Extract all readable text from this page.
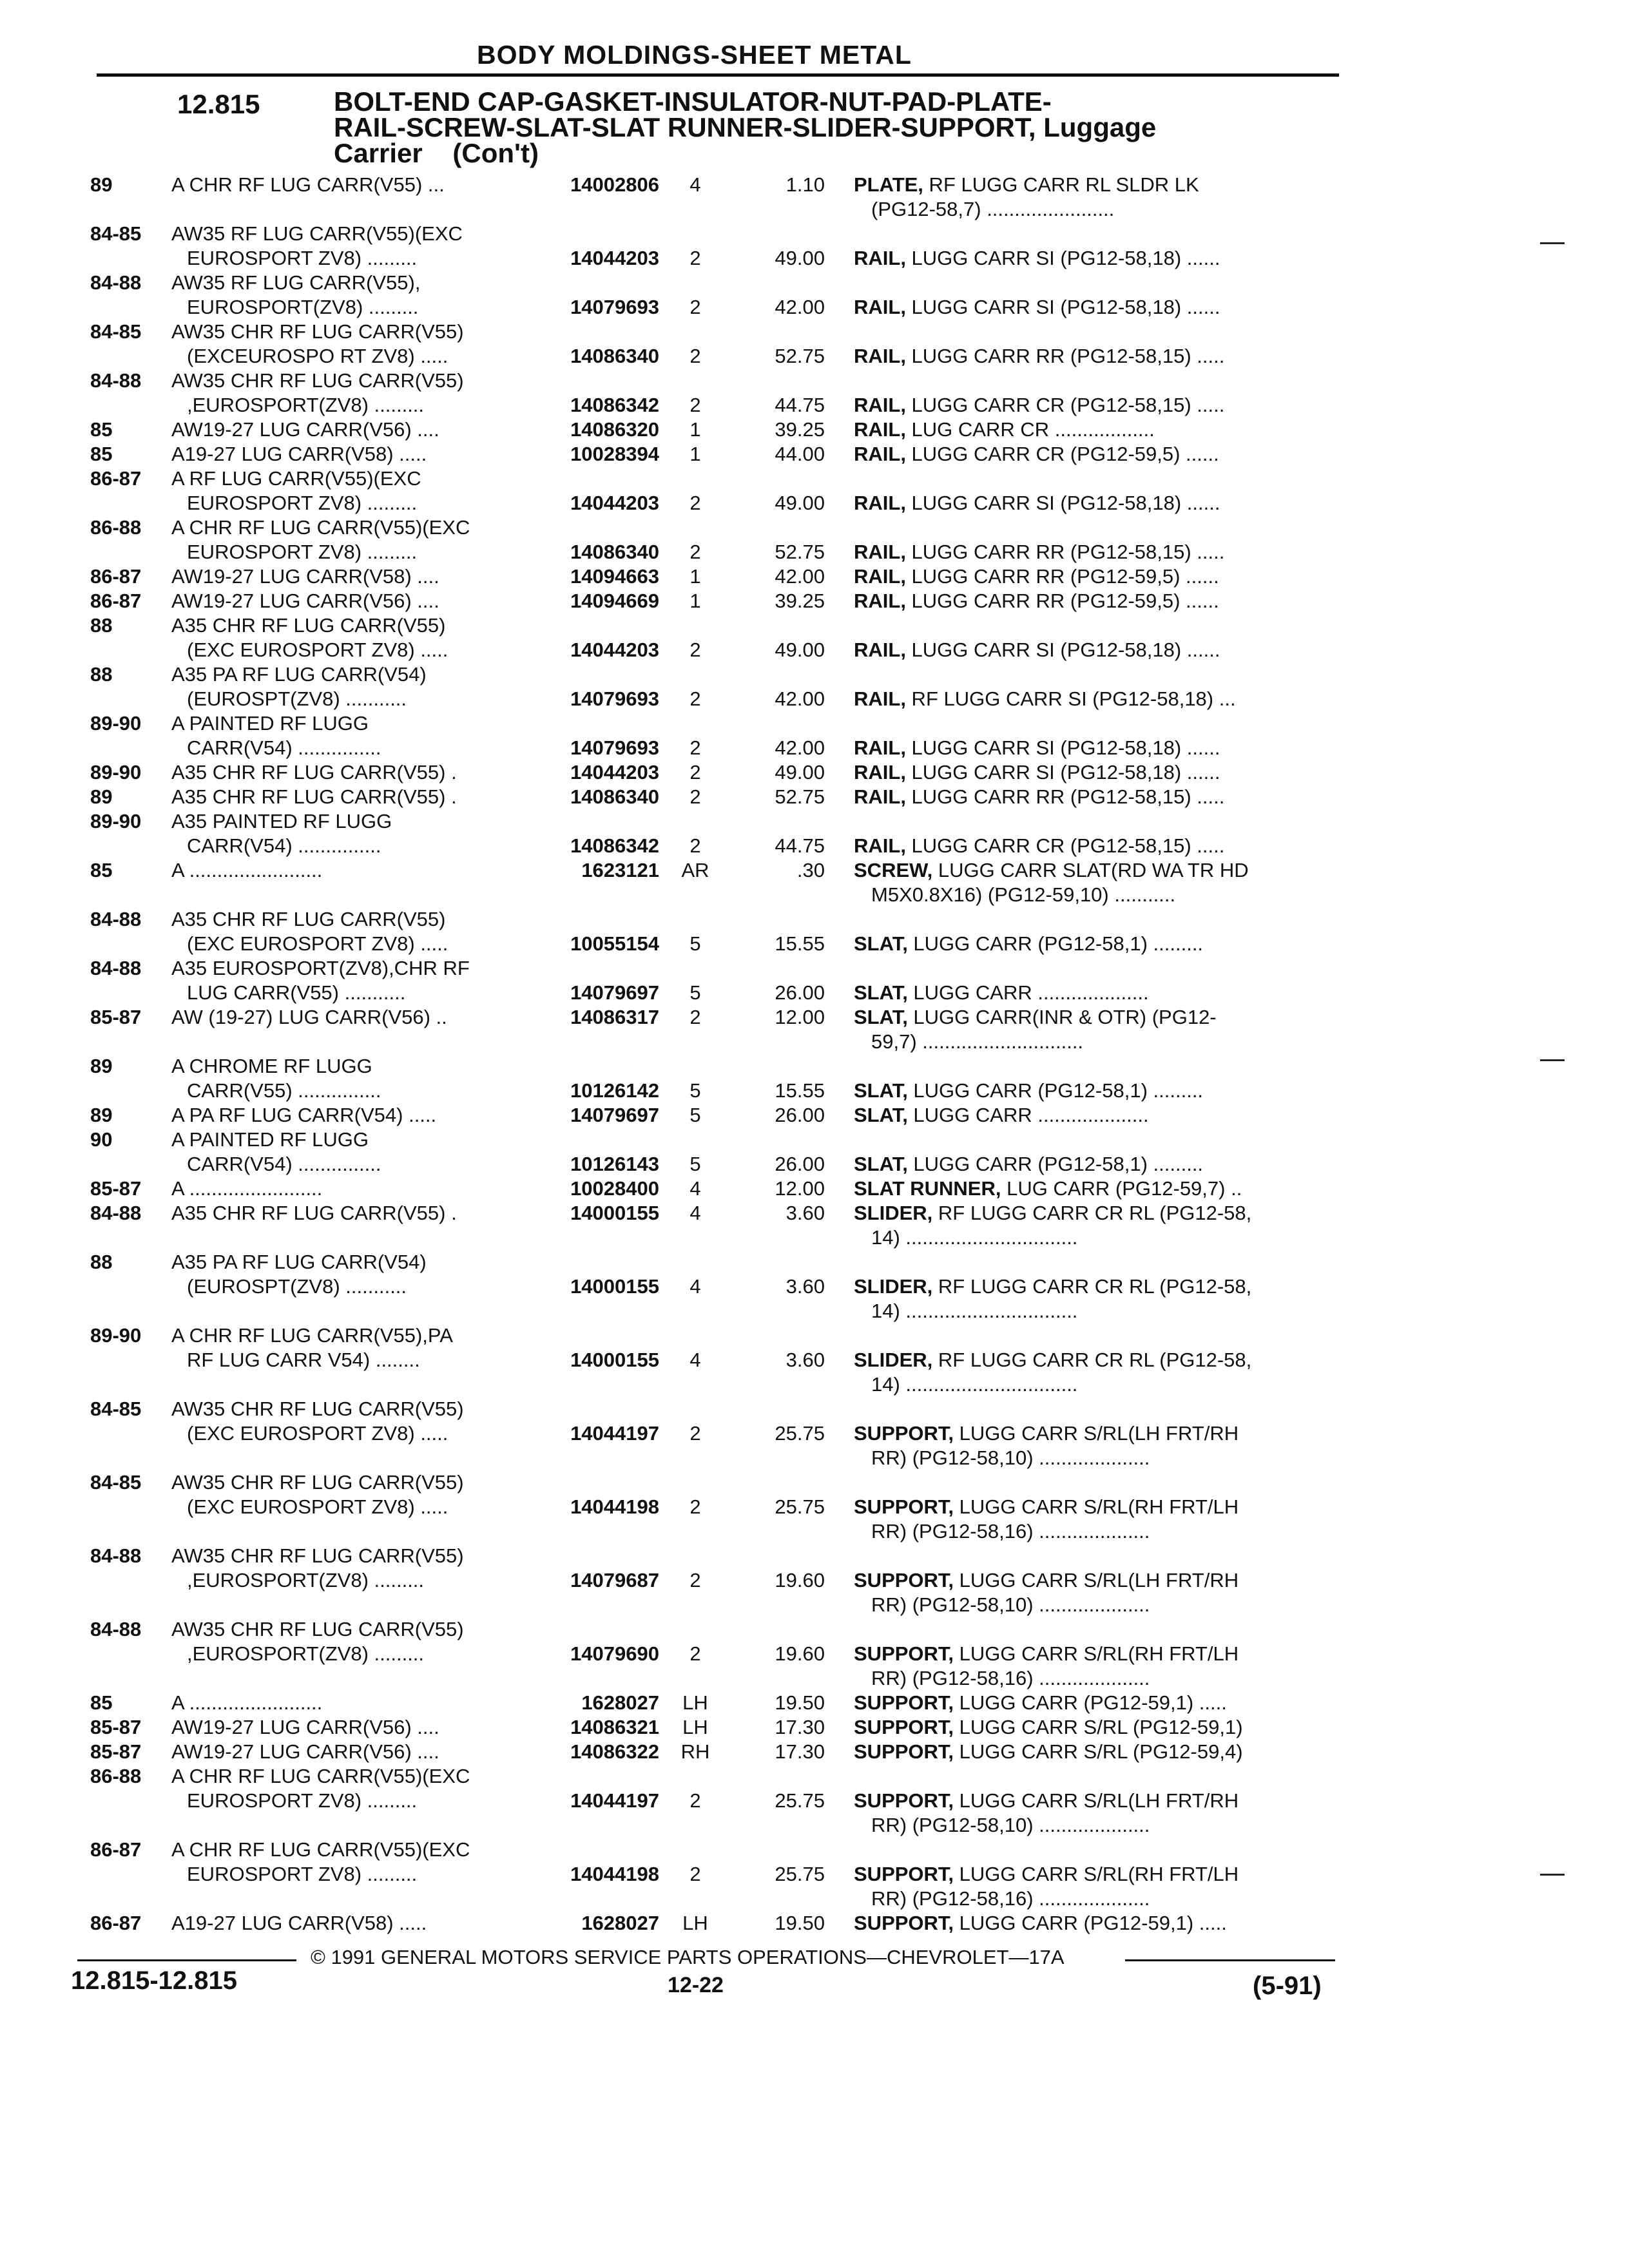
BODY MOLDINGS-SHEET METAL
12.815	BOLT-END CAP-GASKET-INSULATOR-NUT-PAD-PLATE-
RAIL-SCREW-SLAT-SLAT RUNNER-SLIDER-SUPPORT, Luggage
Carrier    (Con't)
89	A CHR RF LUG CARR(V55) ...	14002806	4	1.10 PLATE, RF LUGG CARR RL SLDR LK
(PG12-58,7) .......................
84-85 AW35 RF LUG CARR(V55)(EXC
EUROSPORT ZV8) .........	14044203	2	49.00 RAIL, LUGG CARR SI (PG12-58,18) ......
84-88 AW35 RF LUG CARR(V55),
EUROSPORT(ZV8) .........	14079693	2	42.00 RAIL, LUGG CARR SI (PG12-58,18) ......
84-85 AW35 CHR RF LUG CARR(V55)
(EXCEUROSPO RT ZV8) .....	14086340	2	52.75 RAIL, LUGG CARR RR (PG12-58,15) .....
84-88 AW35 CHR RF LUG CARR(V55)
,EUROSPORT(ZV8) .........	14086342	2	44.75 RAIL, LUGG CARR CR (PG12-58,15) .....
85	AW19-27 LUG CARR(V56) ....	14086320	1	39.25 RAIL, LUG CARR CR ..................
85	A19-27 LUG CARR(V58) .....	10028394	1	44.00 RAIL, LUGG CARR CR (PG12-59,5) ......
86-87 A RF LUG CARR(V55)(EXC
EUROSPORT ZV8) .........	14044203	2	49.00 RAIL, LUGG CARR SI (PG12-58,18) ......
86-88 A CHR RF LUG CARR(V55)(EXC
EUROSPORT ZV8) .........	14086340	2	52.75 RAIL, LUGG CARR RR (PG12-58,15) .....
86-87 AW19-27 LUG CARR(V58) ....	14094663	1	42.00 RAIL, LUGG CARR RR (PG12-59,5) ......
86-87 AW19-27 LUG CARR(V56) ....	14094669	1	39.25 RAIL, LUGG CARR RR (PG12-59,5) ......
88	A35 CHR RF LUG CARR(V55)
(EXC EUROSPORT ZV8) .....	14044203	2	49.00 RAIL, LUGG CARR SI (PG12-58,18) ......
88	A35 PA RF LUG CARR(V54)
(EUROSPT(ZV8) ...........	14079693	2	42.00 RAIL, RF LUGG CARR SI (PG12-58,18) ...
89-90 A PAINTED RF LUGG
CARR(V54) ...............	14079693	2	42.00 RAIL, LUGG CARR SI (PG12-58,18) ......
89-90 A35 CHR RF LUG CARR(V55) .	14044203	2	49.00 RAIL, LUGG CARR SI (PG12-58,18) ......
89	A35 CHR RF LUG CARR(V55) .	14086340	2	52.75 RAIL, LUGG CARR RR (PG12-58,15) .....
89-90 A35 PAINTED RF LUGG
CARR(V54) ...............	14086342	2	44.75 RAIL, LUGG CARR CR (PG12-58,15) .....
85	A ........................	1623121	AR	.30 SCREW, LUGG CARR SLAT(RD WA TR HD
M5X0.8X16) (PG12-59,10) ...........
84-88 A35 CHR RF LUG CARR(V55)
(EXC EUROSPORT ZV8) .....	10055154	5	15.55 SLAT, LUGG CARR (PG12-58,1) .........
84-88 A35 EUROSPORT(ZV8),CHR RF
LUG CARR(V55) ...........	14079697	5	26.00 SLAT, LUGG CARR ....................
85-87 AW (19-27) LUG CARR(V56) ..	14086317	2	12.00 SLAT, LUGG CARR(INR & OTR) (PG12-
59,7) .............................
89	A CHROME RF LUGG
CARR(V55) ...............	10126142	5	15.55 SLAT, LUGG CARR (PG12-58,1) .........
89	A PA RF LUG CARR(V54) .....	14079697	5	26.00 SLAT, LUGG CARR ....................
90	A PAINTED RF LUGG
CARR(V54) ...............	10126143	5	26.00 SLAT, LUGG CARR (PG12-58,1) .........
85-87 A ........................	10028400	4	12.00 SLAT RUNNER, LUG CARR (PG12-59,7) ..
84-88 A35 CHR RF LUG CARR(V55) .	14000155	4	3.60 SLIDER, RF LUGG CARR CR RL (PG12-58,
14) ...............................
88	A35 PA RF LUG CARR(V54)
(EUROSPT(ZV8) ...........	14000155	4	3.60 SLIDER, RF LUGG CARR CR RL (PG12-58,
14) ...............................
89-90 A CHR RF LUG CARR(V55),PA
RF LUG CARR V54) ........	14000155	4	3.60 SLIDER, RF LUGG CARR CR RL (PG12-58,
14) ...............................
84-85 AW35 CHR RF LUG CARR(V55)
(EXC EUROSPORT ZV8) .....	14044197	2	25.75 SUPPORT, LUGG CARR S/RL(LH FRT/RH
RR) (PG12-58,10) ....................
84-85 AW35 CHR RF LUG CARR(V55)
(EXC EUROSPORT ZV8) .....	14044198	2	25.75 SUPPORT, LUGG CARR S/RL(RH FRT/LH
RR) (PG12-58,16) ....................
84-88 AW35 CHR RF LUG CARR(V55)
,EUROSPORT(ZV8) .........	14079687	2	19.60 SUPPORT, LUGG CARR S/RL(LH FRT/RH
RR) (PG12-58,10) ....................
84-88 AW35 CHR RF LUG CARR(V55)
,EUROSPORT(ZV8) .........	14079690	2	19.60 SUPPORT, LUGG CARR S/RL(RH FRT/LH
RR) (PG12-58,16) ....................
85	A ........................	1628027	LH	19.50 SUPPORT, LUGG CARR (PG12-59,1) .....
85-87 AW19-27 LUG CARR(V56) ....	14086321	LH	17.30 SUPPORT, LUGG CARR S/RL (PG12-59,1)
85-87 AW19-27 LUG CARR(V56) ....	14086322	RH	17.30 SUPPORT, LUGG CARR S/RL (PG12-59,4)
86-88 A CHR RF LUG CARR(V55)(EXC
EUROSPORT ZV8) .........	14044197	2	25.75 SUPPORT, LUGG CARR S/RL(LH FRT/RH
RR) (PG12-58,10) ....................
86-87 A CHR RF LUG CARR(V55)(EXC
EUROSPORT ZV8) .........	14044198	2	25.75 SUPPORT, LUGG CARR S/RL(RH FRT/LH
RR) (PG12-58,16) ....................
86-87 A19-27 LUG CARR(V58) .....	1628027	LH	19.50 SUPPORT, LUGG CARR (PG12-59,1) .....
© 1991 GENERAL MOTORS SERVICE PARTS OPERATIONS—CHEVROLET—17A
12.815-12.815	12-22	(5-91)
